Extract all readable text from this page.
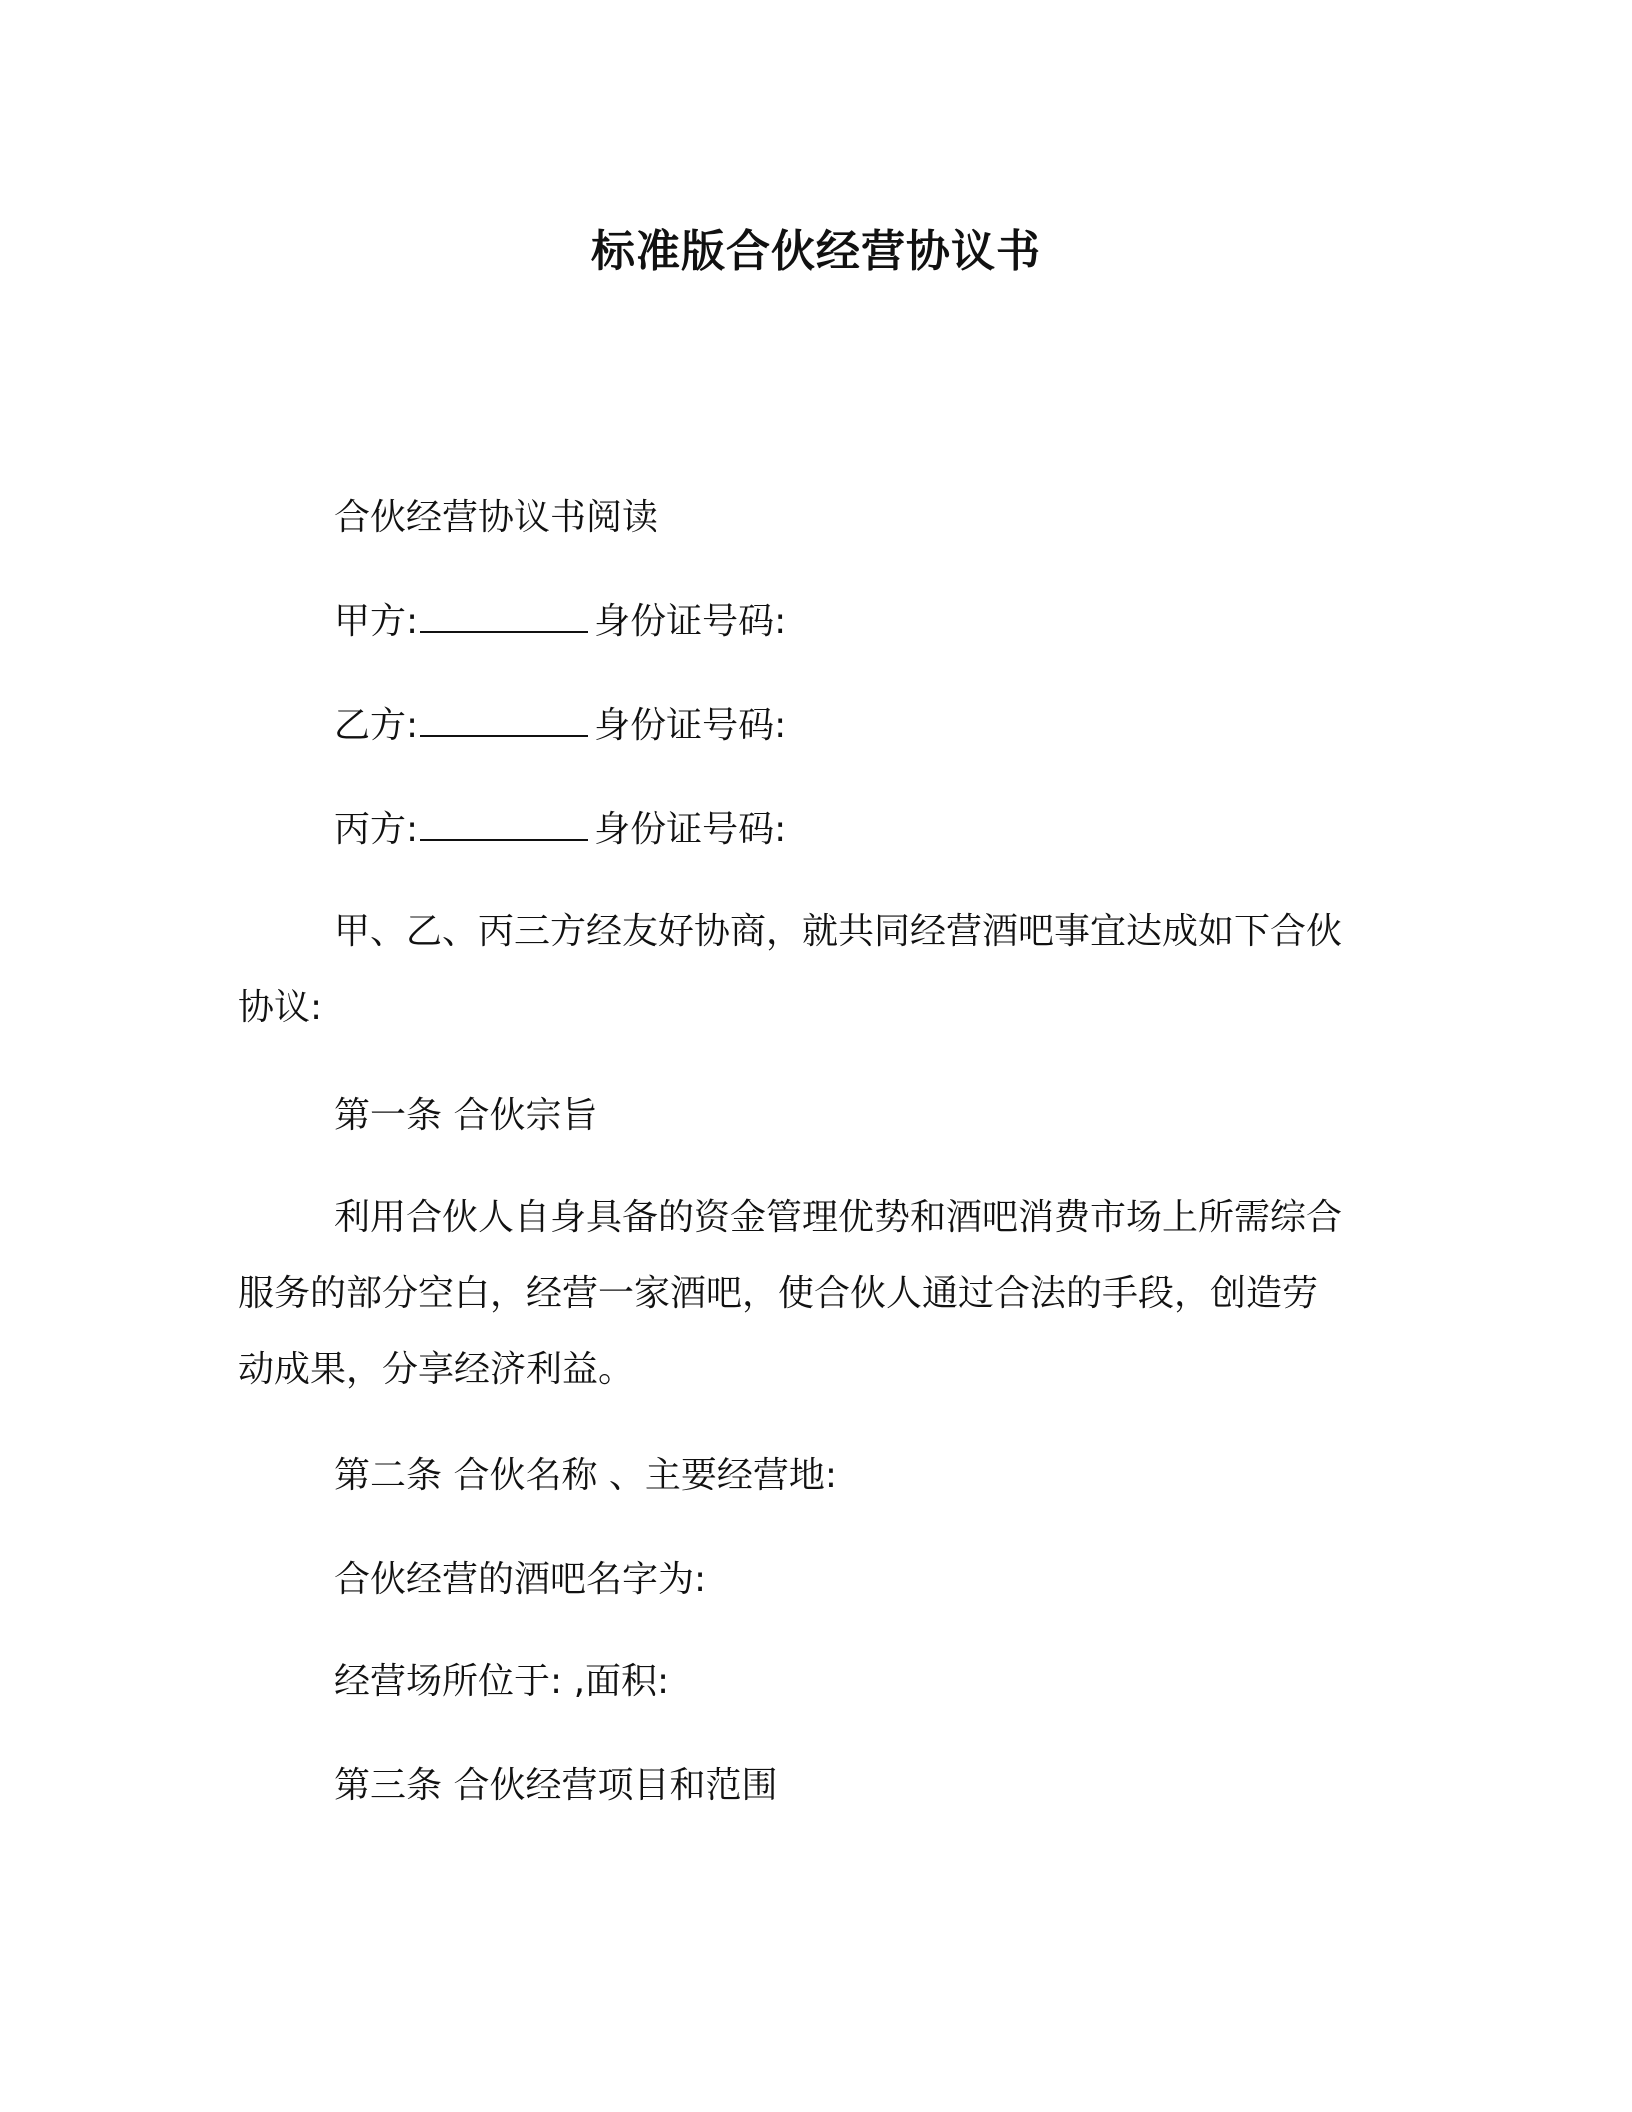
标准版合伙经营协议书
合伙经营协议书阅读
甲方:	身份证号码:
乙方:	身份证号码:
丙方:	身份证号码:
甲、乙、丙三方经友好协商，就共同经营酒吧事宜达成如下合伙
协议:
第一条 合伙宗旨
利用合伙人自身具备的资金管理优势和酒吧消费市场上所需综合
服务的部分空白，经营一家酒吧，使合伙人通过合法的手段，创造劳
动成果，分享经济利益。
第二条 合伙名称 、主要经营地:
合伙经营的酒吧名字为:
经营场所位于: ,面积:
第三条 合伙经营项目和范围
